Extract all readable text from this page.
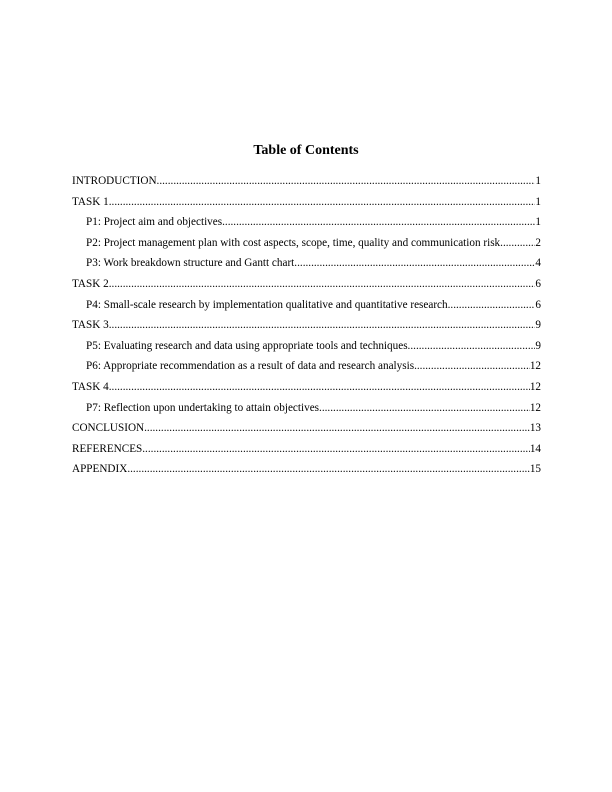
Table of Contents
INTRODUCTION .....	1
TASK 1 .....	1
P1: Project aim and objectives .....	1
P2: Project management plan with cost aspects, scope, time, quality and communication risk. .....	2
P3: Work breakdown structure and Gantt chart .....	4
TASK 2 .....	6
P4: Small-scale research by implementation qualitative and quantitative research .....	6
TASK 3 .....	9
P5: Evaluating research and data using appropriate tools and techniques .....	9
P6: Appropriate recommendation as a result of data and research analysis .....	12
TASK 4 .....	12
P7: Reflection upon undertaking to attain objectives .....	12
CONCLUSION .....	13
REFERENCES .....	14
APPENDIX .....	15
